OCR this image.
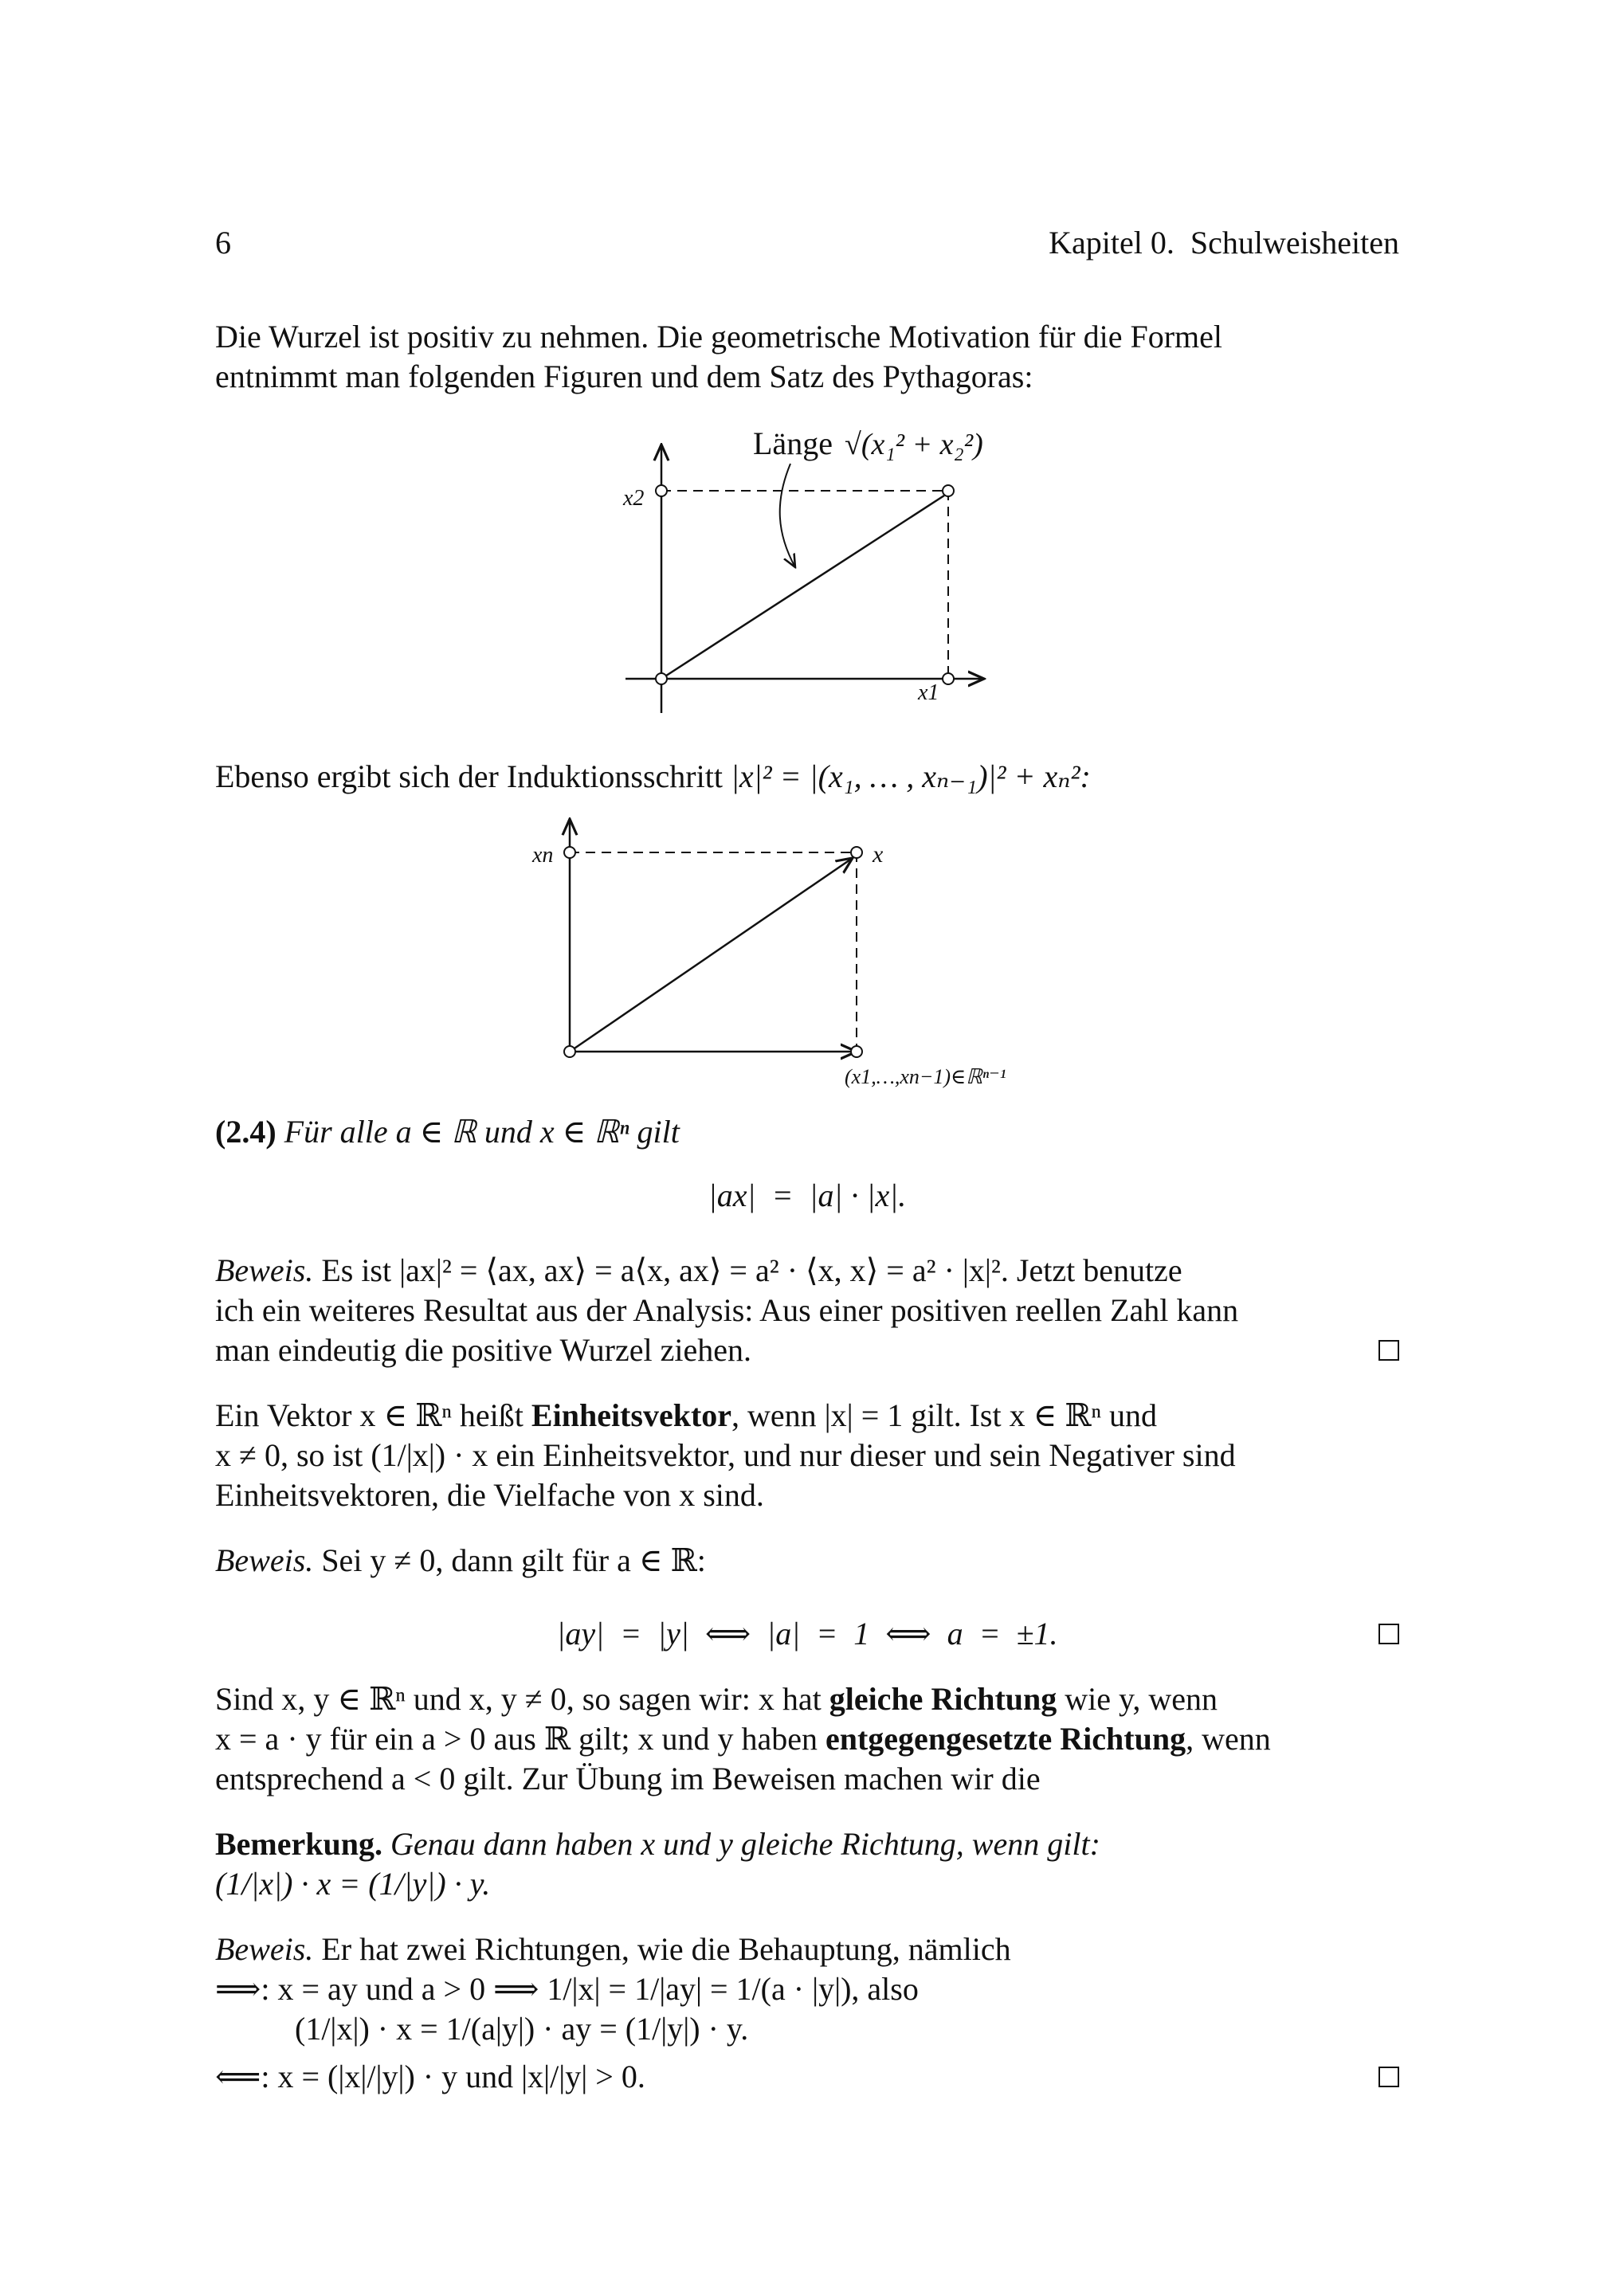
6	Kapitel 0.  Schulweisheiten
Die Wurzel ist positiv zu nehmen. Die geometrische Motivation für die Formel
entnimmt man folgenden Figuren und dem Satz des Pythagoras:
Länge √(x₁² + x₂²)
x2
x1
Ebenso ergibt sich der Induktionsschritt |x|² = |(x₁, … , xₙ₋₁)|² + xₙ²:
xn	x
(x1,…,xn−1)∈ℝⁿ⁻¹
(2.4) Für alle a ∈ ℝ und x ∈ ℝⁿ gilt
|ax|  =  |a| · |x|.
Beweis. Es ist |ax|² = ⟨ax, ax⟩ = a⟨x, ax⟩ = a² · ⟨x, x⟩ = a² · |x|². Jetzt benutze
ich ein weiteres Resultat aus der Analysis: Aus einer positiven reellen Zahl kann
man eindeutig die positive Wurzel ziehen.
Ein Vektor x ∈ ℝⁿ heißt Einheitsvektor, wenn |x| = 1 gilt. Ist x ∈ ℝⁿ und
x ≠ 0, so ist (1/|x|) · x ein Einheitsvektor, und nur dieser und sein Negativer sind
Einheitsvektoren, die Vielfache von x sind.
Beweis. Sei y ≠ 0, dann gilt für a ∈ ℝ:
|ay|  =  |y|  ⟺  |a|  =  1  ⟺  a  =  ±1.
Sind x, y ∈ ℝⁿ und x, y ≠ 0, so sagen wir: x hat gleiche Richtung wie y, wenn
x = a · y für ein a > 0 aus ℝ gilt; x und y haben entgegengesetzte Richtung, wenn
entsprechend a < 0 gilt. Zur Übung im Beweisen machen wir die
Bemerkung. Genau dann haben x und y gleiche Richtung, wenn gilt:
(1/|x|) · x = (1/|y|) · y.
Beweis. Er hat zwei Richtungen, wie die Behauptung, nämlich
⟹: x = ay und a > 0 ⟹ 1/|x| = 1/|ay| = 1/(a · |y|), also
(1/|x|) · x = 1/(a|y|) · ay = (1/|y|) · y.
⟸: x = (|x|/|y|) · y und |x|/|y| > 0.
